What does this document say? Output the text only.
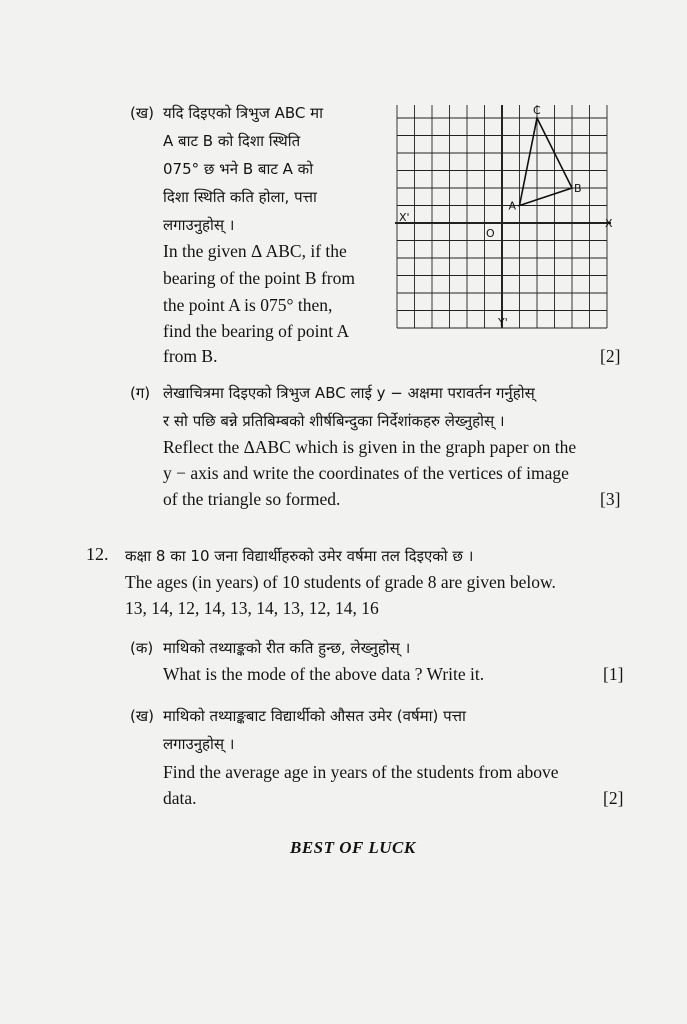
(ख) यदि दिइएको त्रिभुज ABC मा
A बाट B को दिशा स्थिति
075° छ भने B बाट A को
दिशा स्थिति कति होला, पत्ता
लगाउनुहोस् ।
In the given Δ ABC, if the
bearing of the point B from
the point A is 075° then,
find the bearing of point A
from B.	[2]
A
B
C
O
X'	X
Y'
(ग) लेखाचित्रमा दिइएको त्रिभुज ABC लाई y − अक्षमा परावर्तन गर्नुहोस्
र सो पछि बन्ने प्रतिबिम्बको शीर्षबिन्दुका निर्देशांकहरु लेख्नुहोस् ।
Reflect the ΔABC which is given in the graph paper on the
y − axis and write the coordinates of the vertices of image
of the triangle so formed.	[3]
12. कक्षा 8 का 10 जना विद्यार्थीहरुको उमेर वर्षमा तल दिइएको छ ।
The ages (in years) of 10 students of grade 8 are given below.
13, 14, 12, 14, 13, 14, 13, 12, 14, 16
(क) माथिको तथ्याङ्कको रीत कति हुन्छ, लेख्नुहोस् ।
What is the mode of the above data ? Write it.	[1]
(ख) माथिको तथ्याङ्कबाट विद्यार्थीको औसत उमेर (वर्षमा) पत्ता
लगाउनुहोस् ।
Find the average age in years of the students from above
data.	[2]
BEST OF LUCK
